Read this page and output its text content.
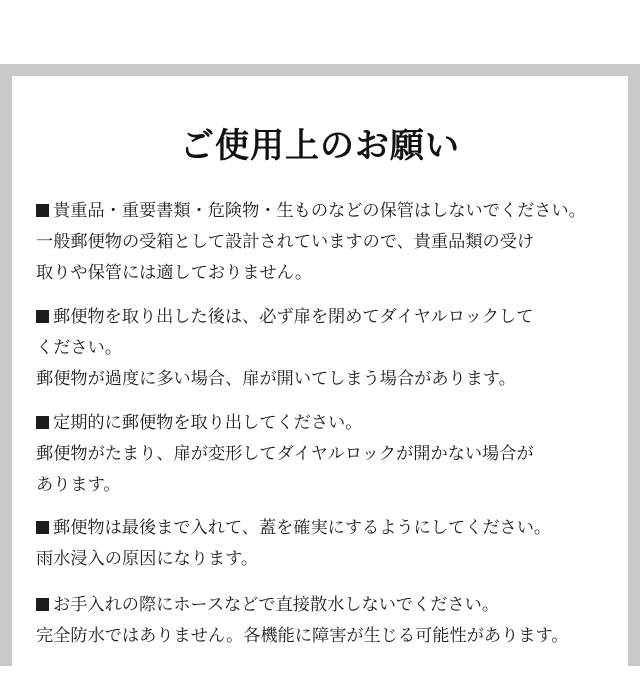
ご使用上のお願い
貴重品・重要書類・危険物・生ものなどの保管はしないでください。
一般郵便物の受箱として設計されていますので、貴重品類の受け
取りや保管には適しておりません。
郵便物を取り出した後は、必ず扉を閉めてダイヤルロックして
ください。
郵便物が過度に多い場合、扉が開いてしまう場合があります。
定期的に郵便物を取り出してください。
郵便物がたまり、扉が変形してダイヤルロックが開かない場合が
あります。
郵便物は最後まで入れて、蓋を確実にするようにしてください。
雨水浸入の原因になります。
お手入れの際にホースなどで直接散水しないでください。
完全防水ではありません。各機能に障害が生じる可能性があります。
